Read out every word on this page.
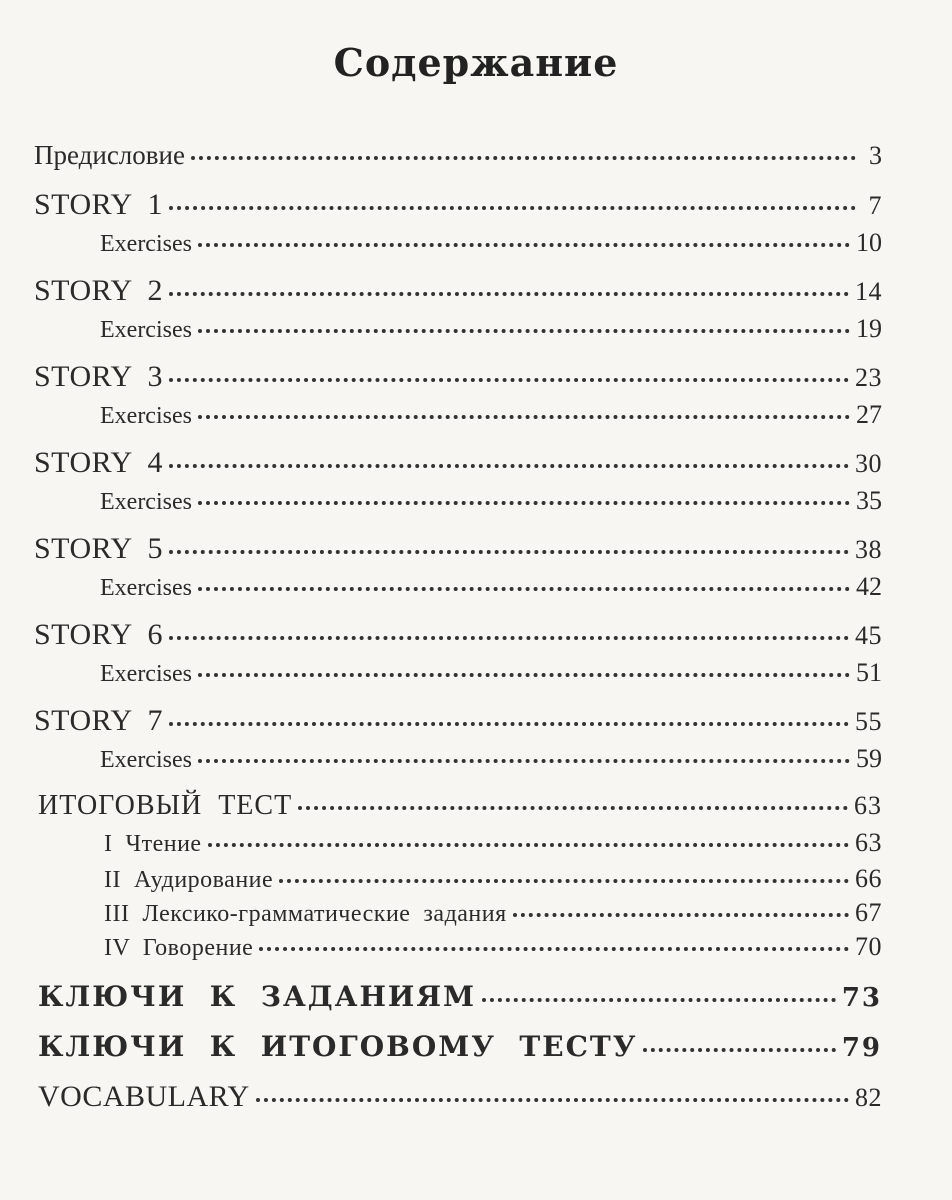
Содержание
Предисловие	3
STORY  1	7
Exercises	10
STORY  2	14
Exercises	19
STORY  3	23
Exercises	27
STORY  4	30
Exercises	35
STORY  5	38
Exercises	42
STORY  6	45
Exercises	51
STORY  7	55
Exercises	59
ИТОГОВЫЙ  ТЕСТ	63
I  Чтение	63
II  Аудирование	66
III  Лексико-грамматические  задания	67
IV  Говорение	70
КЛЮЧИ  К  ЗАДАНИЯМ	73
КЛЮЧИ  К  ИТОГОВОМУ  ТЕСТУ	79
VOCABULARY	82
